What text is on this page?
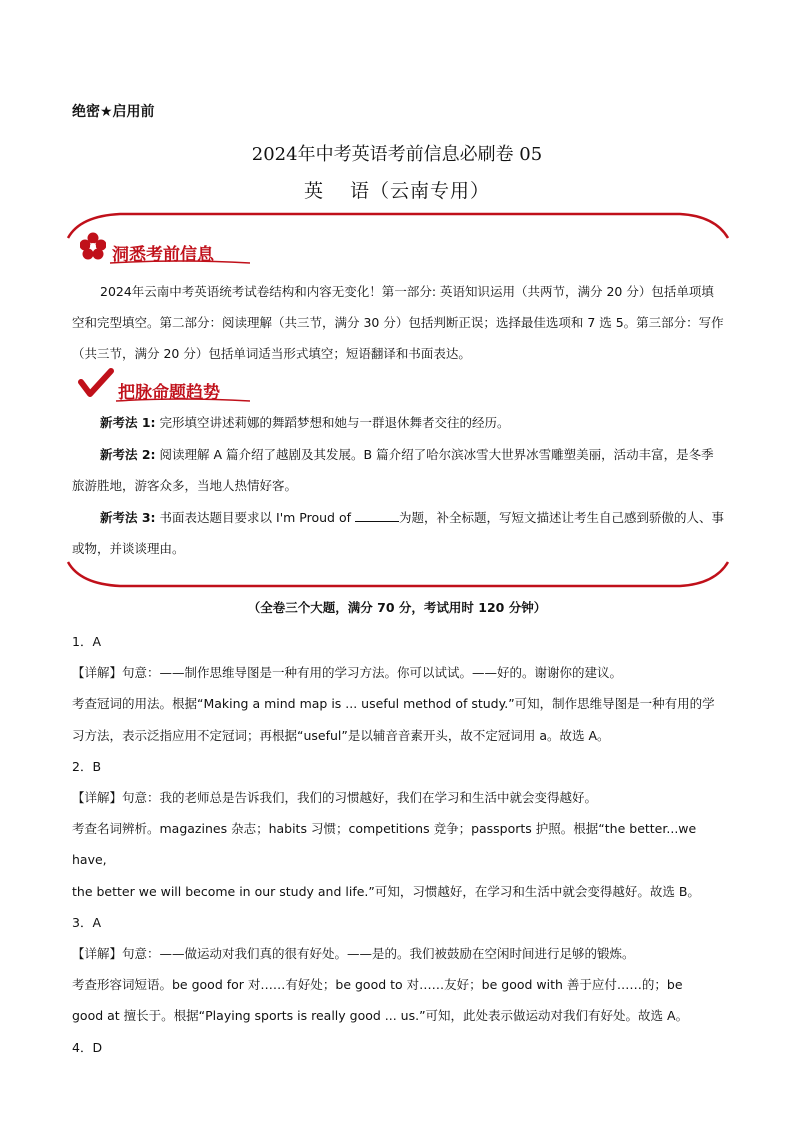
绝密★启用前
2024年中考英语考前信息必刷卷 05
英 语（云南专用）
洞悉考前信息
2024年云南中考英语统考试卷结构和内容无变化！第一部分: 英语知识运用（共两节，满分 20 分）包括单项填空和完型填空。第二部分：阅读理解（共三节，满分 30 分）包括判断正误；选择最佳选项和 7 选 5。第三部分：写作（共三节，满分 20 分）包括单词适当形式填空；短语翻译和书面表达。
把脉命题趋势
新考法 1: 完形填空讲述莉娜的舞蹈梦想和她与一群退休舞者交往的经历。
新考法 2: 阅读理解 A 篇介绍了越剧及其发展。B 篇介绍了哈尔滨冰雪大世界冰雪雕塑美丽，活动丰富，是冬季旅游胜地，游客众多，当地人热情好客。
新考法 3: 书面表达题目要求以 I'm Proud of	为题，补全标题，写短文描述让考生自己感到骄傲的人、事或物，并谈谈理由。
（全卷三个大题，满分 70 分，考试用时 120 分钟）
1．A
【详解】句意：——制作思维导图是一种有用的学习方法。你可以试试。——好的。谢谢你的建议。
考查冠词的用法。根据“Making a mind map is ... useful method of study.”可知，制作思维导图是一种有用的学
习方法，表示泛指应用不定冠词；再根据“useful”是以辅音音素开头，故不定冠词用 a。故选 A。
2．B
【详解】句意：我的老师总是告诉我们，我们的习惯越好，我们在学习和生活中就会变得越好。
考查名词辨析。magazines 杂志；habits 习惯；competitions 竞争；passports 护照。根据“the better...we have,
the better we will become in our study and life.”可知，习惯越好，在学习和生活中就会变得越好。故选 B。
3．A
【详解】句意：——做运动对我们真的很有好处。——是的。我们被鼓励在空闲时间进行足够的锻炼。
考查形容词短语。be good for 对……有好处；be good to 对……友好；be good with 善于应付……的；be
good at 擅长于。根据“Playing sports is really good ... us.”可知，此处表示做运动对我们有好处。故选 A。
4．D
